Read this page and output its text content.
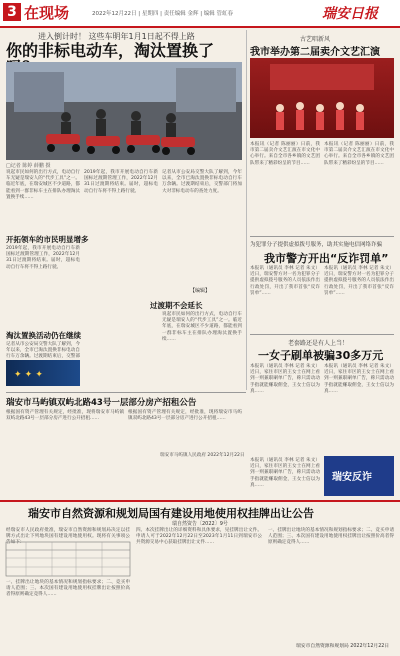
3 在现场	2022年12月22日 | 星期四 | 责任编辑 金辉 | 编辑 管虹春	瑞安日报
进入倒计时！ 这些车明年1月1日起不得上路
你的非标电动车，淘汰置换了
□记者 陈婷 薛鹏 摄
说起市民如何的出行方式，电动自行车无疑是瑞安人的“代步工具”之一。临近年底，在瑞安城区不少道路，都能看到一群非标车主在排队办理淘汰置换手续……
开拓领车的市民明显增多
2019年起，我市开展电动自行车新国标过渡期管理工作，2022年12月31日过渡期将结束。届时，超标电动自行车将不得上路行驶。
淘汰置换活动仍在继续
记者从市公安局交警大队了解到，今年以来，全市已淘汰置换非标电动自行车万余辆。过渡期结束后，交警部
2019年起，我市开展电动自行车新国标过渡期管理工作，2022年12月31日过渡期将结束。届时，超标电动自行车将不得上路行驶。
记者从市公安局交警大队了解到，今年以来，全市已淘汰置换非标电动自行车万余辆。过渡期结束后，交警部门将加大对非标电动车的查处力度。
过渡期不会延长
说起市民如何的出行方式，电动自行车无疑是瑞安人的“代步工具”之一。临近年底，在瑞安城区不少道路，都能看到一群非标车主在排队办理淘汰置换手续……
【编辑】
✦ ✦ ✦
古艺唱新风
我市举办第二届卖介文艺汇演
本报讯（记者 陈丽丽）日前，我市第二届卖介文艺汇演在市文化中心举行。来自全市各乡镇的文艺团队带来了精彩纷呈的节目……
本报讯（记者 陈丽丽）日前，我市第二届卖介文艺汇演在市文化中心举行。来自全市各乡镇的文艺团队带来了精彩纷呈的节目……
为犯罪分子提供虚拟拨号服务，助其实施电信网络诈骗
我市警方开出“反诈罚单”
本报讯（通讯员 李林 记者 朱文）近日，瑞安警方对一名为犯罪分子提供虚拟拨号服务的人员依法作出行政处罚，开出了我市首张“反诈罚单”……
本报讯（通讯员 李林 记者 朱文）近日，瑞安警方对一名为犯罪分子提供虚拟拨号服务的人员依法作出行政处罚，开出了我市首张“反诈罚单”……
老套路还是有人上当！
一女子刷单被骗30多万元
本报讯（通讯员 李林 记者 朱文）近日，家住市区的王女士在网上看到一则兼职刷单广告，称只需动动手指就能赚取佣金，王女士信以为真……
本报讯（通讯员 李林 记者 朱文）近日，家住市区的王女士在网上看到一则兼职刷单广告，称只需动动手指就能赚取佣金，王女士信以为真……
瑞安市马屿镇双屿北路43号一层部分房产招租公告
根据国有资产管理有关规定，经批准，现将瑞安市马屿镇双屿北路43号一层部分房产进行公开招租……
根据国有资产管理有关规定，经批准，现将瑞安市马屿镇双屿北路43号一层部分房产进行公开招租……
瑞安市马屿镇人民政府 2022年12月22日
瑞安反诈
本报讯（通讯员 李林 记者 朱文）近日，家住市区的王女士在网上看到一则兼职刷单广告，称只需动动手指就能赚取佣金，王女士信以为真……
瑞安市自然资源和规划局国有建设用地使用权挂牌出让公告
瑞自然资告〔2022〕9号
经瑞安市人民政府批准，瑞安市自然资源和规划局决定以挂牌方式出让下列地块国有建设用地使用权。现将有关事项公告如下：
一、挂牌出让地块的基本情况和规划指标要求；二、竞买申请人范围；三、本次国有建设用地使用权挂牌出让按照价高者得原则确定竞得人……
四、本次挂牌出让的详细资料和具体要求，见挂牌出让文件。申请人可于2022年12月22日至2023年1月11日到瑞安市公共资源交易中心获取挂牌出让文件……
一、挂牌出让地块的基本情况和规划指标要求；二、竞买申请人范围；三、本次国有建设用地使用权挂牌出让按照价高者得原则确定竞得人……
瑞安市自然资源和规划局 2022年12月22日
